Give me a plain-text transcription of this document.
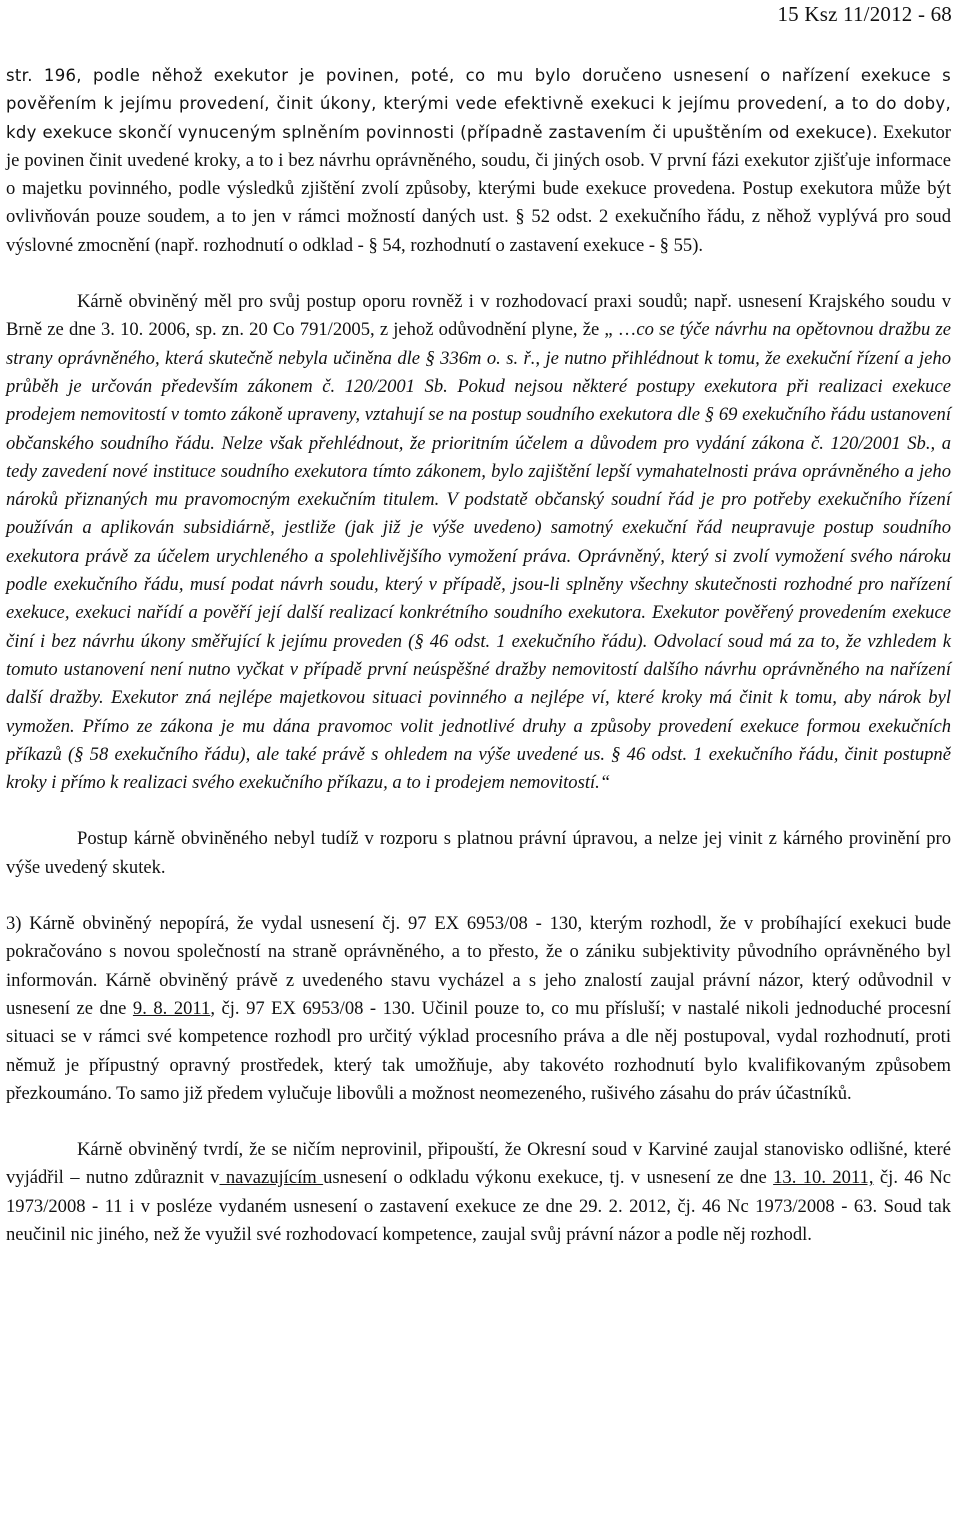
15 Ksz 11/2012 - 68

str. 196, podle něhož exekutor je povinen, poté, co mu bylo doručeno usnesení o nařízení exekuce s pověřením k jejímu provedení, činit úkony, kterými vede efektivně exekuci k jejímu provedení, a to do doby, kdy exekuce skončí vynuceným splněním povinnosti (případně zastavením či upuštěním od exekuce). Exekutor je povinen činit uvedené kroky, a to i bez návrhu oprávněného, soudu, či jiných osob. V první fázi exekutor zjišťuje informace o majetku povinného, podle výsledků zjištění zvolí způsoby, kterými bude exekuce provedena. Postup exekutora může být ovlivňován pouze soudem, a to jen v rámci možností daných ust. § 52 odst. 2 exekučního řádu, z něhož vyplývá pro soud výslovné zmocnění (např. rozhodnutí o odklad - § 54, rozhodnutí o zastavení exekuce - § 55).

Kárně obviněný měl pro svůj postup oporu rovněž i v rozhodovací praxi soudů; např. usnesení Krajského soudu v Brně ze dne 3. 10. 2006, sp. zn. 20 Co 791/2005, z jehož odůvodnění plyne, že „ …co se týče návrhu na opětovnou dražbu ze strany oprávněného, která skutečně nebyla učiněna dle § 336m o. s. ř., je nutno přihlédnout k tomu, že exekuční řízení a jeho průběh je určován především zákonem č. 120/2001 Sb. Pokud nejsou některé postupy exekutora při realizaci exekuce prodejem nemovitostí v tomto zákoně upraveny, vztahují se na postup soudního exekutora dle § 69 exekučního řádu ustanovení občanského soudního řádu. Nelze však přehlédnout, že prioritním účelem a důvodem pro vydání zákona č. 120/2001 Sb., a tedy zavedení nové instituce soudního exekutora tímto zákonem, bylo zajištění lepší vymahatelnosti práva oprávněného a jeho nároků přiznaných mu pravomocným exekučním titulem. V podstatě občanský soudní řád je pro potřeby exekučního řízení používán a aplikován subsidiárně, jestliže (jak již je výše uvedeno) samotný exekuční řád neupravuje postup soudního exekutora právě za účelem urychleného a spolehlivějšího vymožení práva. Oprávněný, který si zvolí vymožení svého nároku podle exekučního řádu, musí podat návrh soudu, který v případě, jsou-li splněny všechny skutečnosti rozhodné pro nařízení exekuce, exekuci nařídí a pověří její další realizací konkrétního soudního exekutora. Exekutor pověřený provedením exekuce činí i bez návrhu úkony směřující k jejímu proveden (§ 46 odst. 1 exekučního řádu). Odvolací soud má za to, že vzhledem k tomuto ustanovení není nutno vyčkat v případě první neúspěšné dražby nemovitostí dalšího návrhu oprávněného na nařízení další dražby. Exekutor zná nejlépe majetkovou situaci povinného a nejlépe ví, které kroky má činit k tomu, aby nárok byl vymožen. Přímo ze zákona je mu dána pravomoc volit jednotlivé druhy a způsoby provedení exekuce formou exekučních příkazů (§ 58 exekučního řádu), ale také právě s ohledem na výše uvedené us. § 46 odst. 1 exekučního řádu, činit postupně kroky i přímo k realizaci svého exekučního příkazu, a to i prodejem nemovitostí.“

Postup kárně obviněného nebyl tudíž v rozporu s platnou právní úpravou, a nelze jej vinit z kárného provinění pro výše uvedený skutek.

3) Kárně obviněný nepopírá, že vydal usnesení čj. 97 EX 6953/08 - 130, kterým rozhodl, že v probíhající exekuci bude pokračováno s novou společností na straně oprávněného, a to přesto, že o zániku subjektivity původního oprávněného byl informován. Kárně obviněný právě z uvedeného stavu vycházel a s jeho znalostí zaujal právní názor, který odůvodnil v usnesení ze dne 9. 8. 2011, čj. 97 EX 6953/08 - 130. Učinil pouze to, co mu přísluší; v nastalé nikoli jednoduché procesní situaci se v rámci své kompetence rozhodl pro určitý výklad procesního práva a dle něj postupoval, vydal rozhodnutí, proti němuž je přípustný opravný prostředek, který tak umožňuje, aby takovéto rozhodnutí bylo kvalifikovaným způsobem přezkoumáno. To samo již předem vylučuje libovůli a možnost neomezeného, rušivého zásahu do práv účastníků.

Kárně obviněný tvrdí, že se ničím neprovinil, připouští, že Okresní soud v Karviné zaujal stanovisko odlišné, které vyjádřil – nutno zdůraznit v navazujícím usnesení o odkladu výkonu exekuce, tj. v usnesení ze dne 13. 10. 2011, čj. 46 Nc 1973/2008 - 11 i v posléze vydaném usnesení o zastavení exekuce ze dne 29. 2. 2012, čj. 46 Nc 1973/2008 - 63. Soud tak neučinil nic jiného, než že využil své rozhodovací kompetence, zaujal svůj právní názor a podle něj rozhodl.
